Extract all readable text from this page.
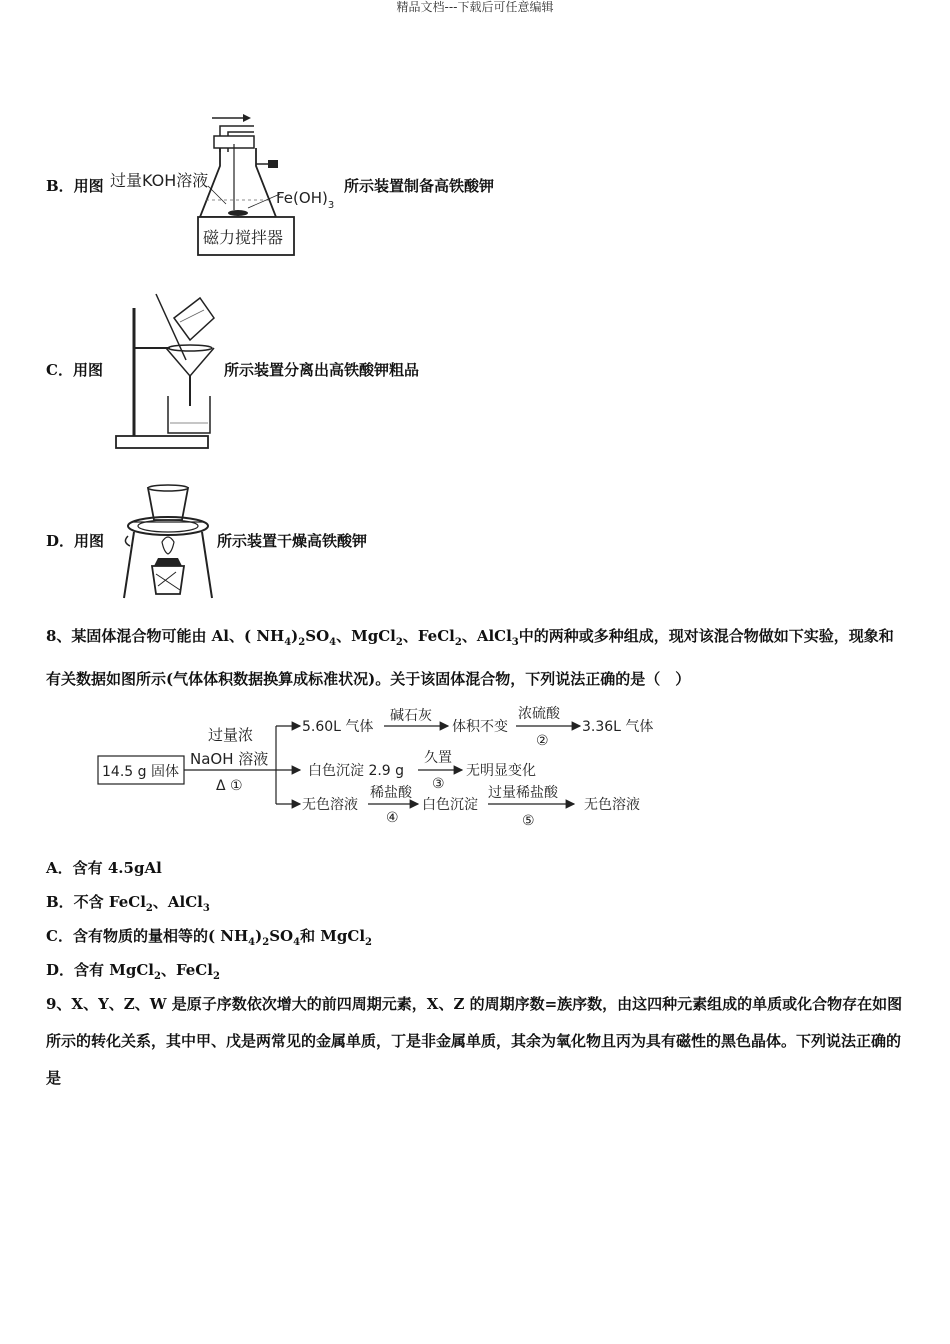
精品文档---下载后可任意编辑
B．用图 过量KOH溶液
$Fe(OH)_3$
磁力搅拌器
所示装置制备高铁酸钾
C．用图	所示装置分离出高铁酸钾粗品
D．用图	所示装置干燥高铁酸钾
8、某固体混合物可能由 Al、( $NH_4)_2SO_4$、MgCl$_2$、FeCl$_2$、AlCl$_3$中的两种或多种组成，现对该混合物做如下实验，现象和有关数据如图所示(气体体积数据换算成标准状况)。关于该固体混合物，下列说法正确的是（　）
14.5 g 固体
过量浓
NaOH 溶液
Δ ①
5.60L 气体
碱石灰
体积不变
浓硫酸
②
3.36L 气体
白色沉淀 2.9 g
久置
③
无明显变化
无色溶液
稀盐酸
④
白色沉淀
过量稀盐酸
⑤
无色溶液
A．含有 4.5gAl
B．不含 FeCl$_2$、AlCl$_3$
C．含有物质的量相等的( $NH_4)_2SO_4$和 MgCl$_2$
D．含有 MgCl$_2$、FeCl$_2$
9、X、Y、Z、W 是原子序数依次增大的前四周期元素，X、Z 的周期序数=族序数，由这四种元素组成的单质或化合物存在如图所示的转化关系，其中甲、戊是两常见的金属单质，丁是非金属单质，其余为氧化物且丙为具有磁性的黑色晶体。下列说法正确的是
